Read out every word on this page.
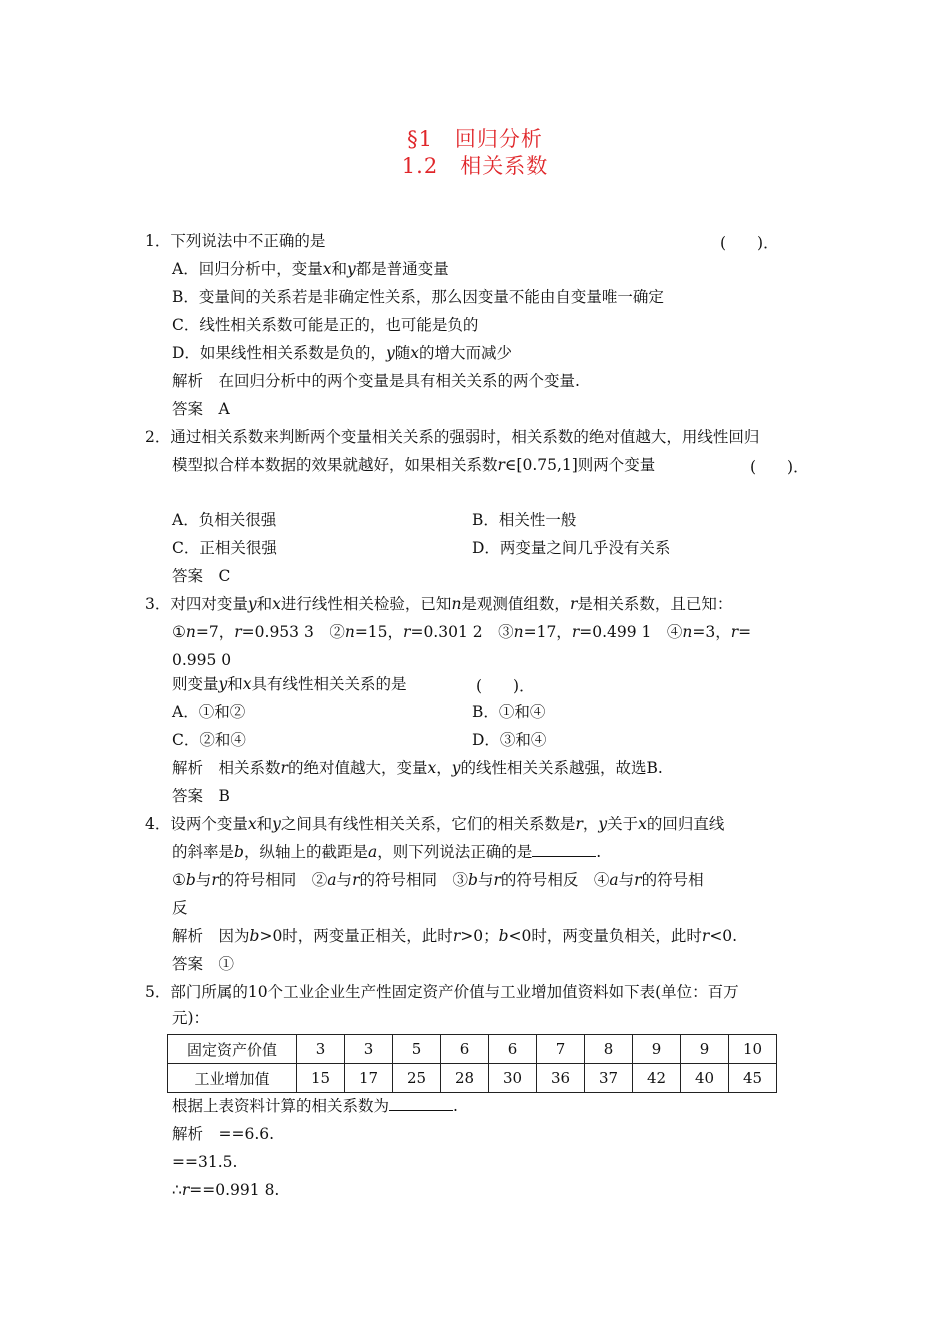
§1　回归分析
1.2　相关系数
1．下列说法中不正确的是	(　　)．
A．回归分析中，变量x和y都是普通变量
B．变量间的关系若是非确定性关系，那么因变量不能由自变量唯一确定
C．线性相关系数可能是正的，也可能是负的
D．如果线性相关系数是负的，y随x的增大而减少
解析　在回归分析中的两个变量是具有相关关系的两个变量.
答案　A
2．通过相关系数来判断两个变量相关关系的强弱时，相关系数的绝对值越大，用线性回归
模型拟合样本数据的效果就越好，如果相关系数r∈[0.75,1]则两个变量	(　　)．
A．负相关很强	B．相关性一般
C．正相关很强	D．两变量之间几乎没有关系
答案　C
3．对四对变量y和x进行线性相关检验，已知n是观测值组数，r是相关系数，且已知：
①n=7，r=0.953 3　②n=15，r=0.301 2　③n=17，r=0.499 1　④n=3，r=
0.995 0
则变量y和x具有线性相关关系的是	(　　)．
A．①和②	B．①和④
C．②和④	D．③和④
解析　相关系数r的绝对值越大，变量x，y的线性相关关系越强，故选B.
答案　B
4．设两个变量x和y之间具有线性相关关系，它们的相关系数是r，y关于x的回归直线
的斜率是b，纵轴上的截距是a，则下列说法正确的是	.
①b与r的符号相同　②a与r的符号相同　③b与r的符号相反　④a与r的符号相
反
解析　因为b>0时，两变量正相关，此时r>0；b<0时，两变量负相关，此时r<0.
答案　①
5．部门所属的10个工业企业生产性固定资产价值与工业增加值资料如下表(单位：百万
元)：
固定资产价值	3	3	5	6	6	7	8	9	9	10
工业增加值	15	17	25	28	30	36	37	42	40	45
根据上表资料计算的相关系数为	.
解析　==6.6.
==31.5.
∴r==0.991 8.
